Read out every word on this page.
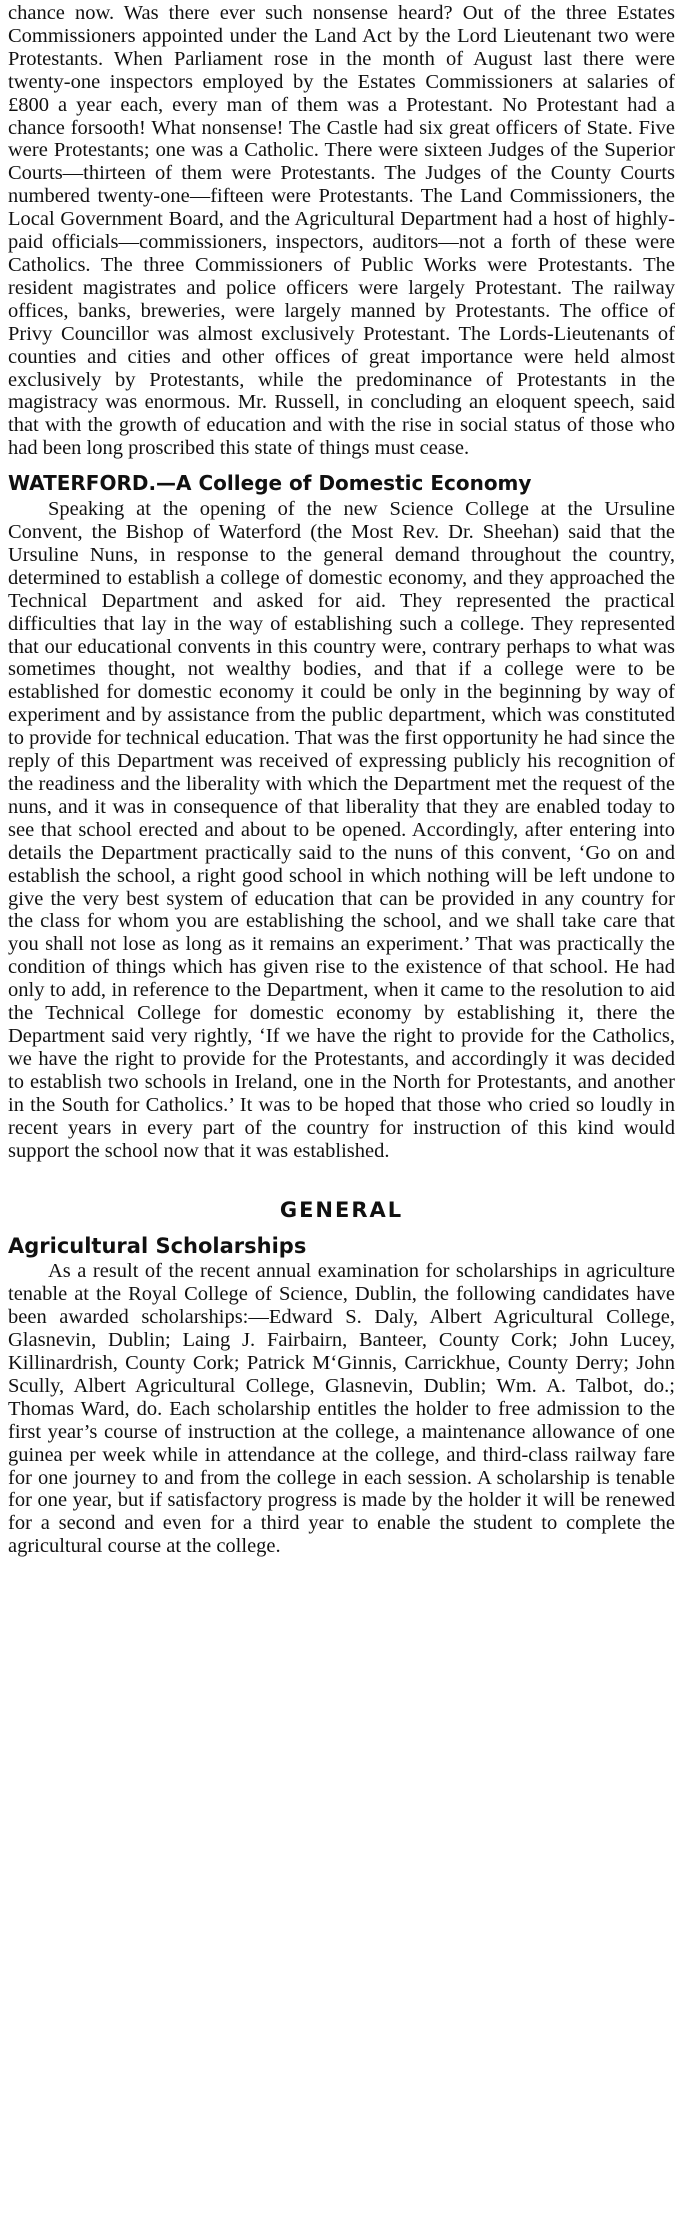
chance now. Was there ever such nonsense heard? Out of the three Estates Commissioners appointed under the Land Act by the Lord Lieutenant two were Protestants. When Parliament rose in the month of August last there were twenty-one inspectors employed by the Estates Commissioners at salaries of £800 a year each, every man of them was a Protestant. No Protestant had a chance forsooth! What nonsense! The Castle had six great officers of State. Five were Protestants; one was a Catholic. There were sixteen Judges of the Superior Courts—thirteen of them were Protestants. The Judges of the County Courts numbered twenty-one—fifteen were Protestants. The Land Commissioners, the Local Government Board, and the Agricultural Department had a host of highly-paid officials—commissioners, inspectors, auditors—not a forth of these were Catholics. The three Commissioners of Public Works were Protestants. The resident magistrates and police officers were largely Protestant. The railway offices, banks, breweries, were largely manned by Protestants. The office of Privy Councillor was almost exclusively Protestant. The Lords-Lieutenants of counties and cities and other offices of great importance were held almost exclusively by Protestants, while the predominance of Protestants in the magistracy was enormous. Mr. Russell, in concluding an eloquent speech, said that with the growth of education and with the rise in social status of those who had been long proscribed this state of things must cease.

WATERFORD.—A College of Domestic Economy

Speaking at the opening of the new Science College at the Ursuline Convent, the Bishop of Waterford (the Most Rev. Dr. Sheehan) said that the Ursuline Nuns, in response to the general demand throughout the country, determined to establish a college of domestic economy, and they approached the Technical Department and asked for aid. They represented the practical difficulties that lay in the way of establishing such a college. They represented that our educational convents in this country were, contrary perhaps to what was sometimes thought, not wealthy bodies, and that if a college were to be established for domestic economy it could be only in the beginning by way of experiment and by assistance from the public department, which was constituted to provide for technical education. That was the first opportunity he had since the reply of this Department was received of expressing publicly his recognition of the readiness and the liberality with which the Department met the request of the nuns, and it was in consequence of that liberality that they are enabled today to see that school erected and about to be opened. Accordingly, after entering into details the Department practically said to the nuns of this convent, ‘Go on and establish the school, a right good school in which nothing will be left undone to give the very best system of education that can be provided in any country for the class for whom you are establishing the school, and we shall take care that you shall not lose as long as it remains an experiment.’ That was practically the condition of things which has given rise to the existence of that school. He had only to add, in reference to the Department, when it came to the resolution to aid the Technical College for domestic economy by establishing it, there the Department said very rightly, ‘If we have the right to provide for the Catholics, we have the right to provide for the Protestants, and accordingly it was decided to establish two schools in Ireland, one in the North for Protestants, and another in the South for Catholics.’ It was to be hoped that those who cried so loudly in recent years in every part of the country for instruction of this kind would support the school now that it was established.

GENERAL
Agricultural Scholarships

As a result of the recent annual examination for scholarships in agriculture tenable at the Royal College of Science, Dublin, the following candidates have been awarded scholarships:—Edward S. Daly, Albert Agricultural College, Glasnevin, Dublin; Laing J. Fairbairn, Banteer, County Cork; John Lucey, Killinardrish, County Cork; Patrick M‘Ginnis, Carrickhue, County Derry; John Scully, Albert Agricultural College, Glasnevin, Dublin; Wm. A. Talbot, do.; Thomas Ward, do. Each scholarship entitles the holder to free admission to the first year’s course of instruction at the college, a maintenance allowance of one guinea per week while in attendance at the college, and third-class railway fare for one journey to and from the college in each session. A scholarship is tenable for one year, but if satisfactory progress is made by the holder it will be renewed for a second and even for a third year to enable the student to complete the agricultural course at the college.
